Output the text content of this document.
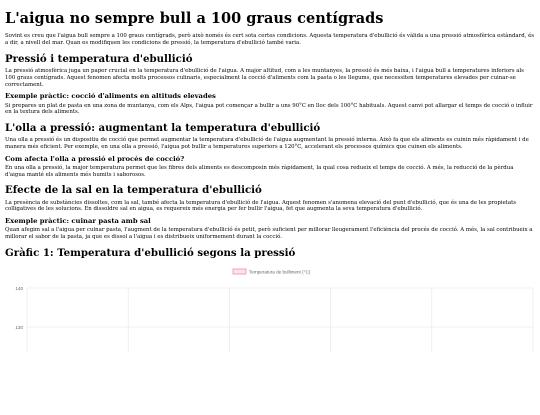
L'aigua no sempre bull a 100 graus centígrads

Sovint es creu que l'aigua bull sempre a 100 graus centígrads, però això només és cert sota certes condicions. Aquesta temperatura d'ebullició és vàlida a una pressió atmosfèrica estàndard, és a dir, a nivell del mar. Quan es modifiquen les condicions de pressió, la temperatura d'ebullició també varia.

Pressió i temperatura d'ebullició

La pressió atmosfèrica juga un paper crucial en la temperatura d'ebullició de l'aigua. A major altitud, com a les muntanyes, la pressió és més baixa, i l'aigua bull a temperatures inferiors als 100 graus centígrads. Aquest fenomen afecta molts processos culinaris, especialment la cocció d'aliments com la pasta o les llegums, que necessiten temperatures elevades per cuinar-se correctament.

Exemple pràctic: cocció d'aliments en altituds elevades

Si prepares un plat de pasta en una zona de muntanya, com els Alps, l'aigua pot començar a bullir a uns 90°C en lloc dels 100°C habituals. Aquest canvi pot allargar el temps de cocció o influir en la textura dels aliments.

L'olla a pressió: augmentant la temperatura d'ebullició

Una olla a pressió és un dispositiu de cocció que permet augmentar la temperatura d'ebullició de l'aigua augmentant la pressió interna. Això fa que els aliments es cuinin més ràpidament i de manera més eficient. Per exemple, en una olla a pressió, l'aigua pot bullir a temperatures superiors a 120°C, accelerant els processos químics que cuinen els aliments.

Com afecta l'olla a pressió el procés de cocció?

En una olla a pressió, la major temperatura permet que les fibres dels aliments es descomposin més ràpidament, la qual cosa redueix el temps de cocció. A més, la reducció de la pèrdua d'aigua manté els aliments més humits i saborosos.

Efecte de la sal en la temperatura d'ebullició

La presència de substàncies dissoltes, com la sal, també afecta la temperatura d'ebullició de l'aigua. Aquest fenomen s'anomena elevació del punt d'ebullició, que és una de les propietats colligatives de les solucions. En dissoldre sal en aigua, es requereix més energia per fer bullir l'aigua, fet que augmenta la seva temperatura d'ebullició.

Exemple pràctic: cuinar pasta amb sal

Quan afegim sal a l'aigua per cuinar pasta, l'augment de la temperatura d'ebullició és petit, però suficient per millorar lleugerament l'eficiència del procés de cocció. A més, la sal contribueix a millorar el sabor de la pasta, ja que es dissol a l'aigua i es distribueix uniformement durant la cocció.

Gràfic 1: Temperatura d'ebullició segons la pressió
140
130
Temperatura de bulliment (°C)
